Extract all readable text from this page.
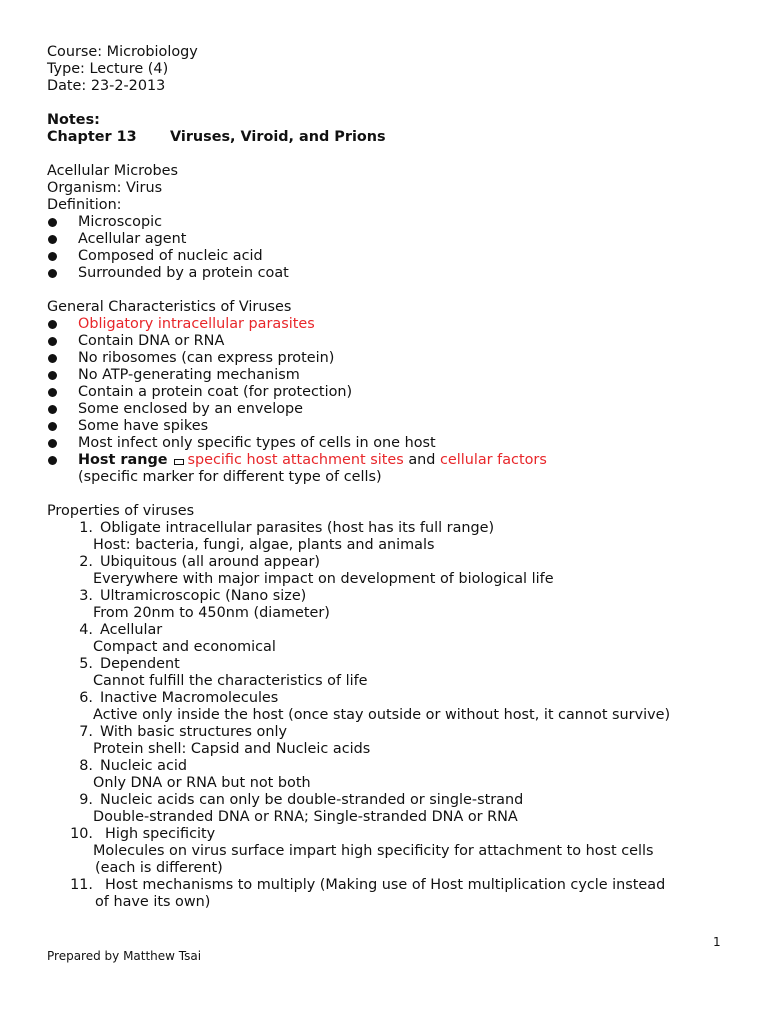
Course: Microbiology
Type: Lecture (4)
Date: 23-2-2013
Notes:
Chapter 13 Viruses, Viroid, and Prions
Acellular Microbes
Organism: Virus
Definition:
Microscopic
Acellular agent
Composed of nucleic acid
Surrounded by a protein coat
General Characteristics of Viruses
Obligatory intracellular parasites
Contain DNA or RNA
No ribosomes (can express protein)
No ATP-generating mechanism
Contain a protein coat (for protection)
Some enclosed by an envelope
Some have spikes
Most infect only specific types of cells in one host
Host range specific host attachment sites and cellular factors
(specific marker for different type of cells)
Properties of viruses
1. Obligate intracellular parasites (host has its full range)
Host: bacteria, fungi, algae, plants and animals
2. Ubiquitous (all around appear)
Everywhere with major impact on development of biological life
3. Ultramicroscopic (Nano size)
From 20nm to 450nm (diameter)
4. Acellular
Compact and economical
5. Dependent
Cannot fulfill the characteristics of life
6. Inactive Macromolecules
Active only inside the host (once stay outside or without host, it cannot survive)
7. With basic structures only
Protein shell: Capsid and Nucleic acids
8. Nucleic acid
Only DNA or RNA but not both
9. Nucleic acids can only be double-stranded or single-strand
Double-stranded DNA or RNA; Single-stranded DNA or RNA
10. High specificity
Molecules on virus surface impart high specificity for attachment to host cells
(each is different)
11. Host mechanisms to multiply (Making use of Host multiplication cycle instead
of have its own)
1
Prepared by Matthew Tsai
